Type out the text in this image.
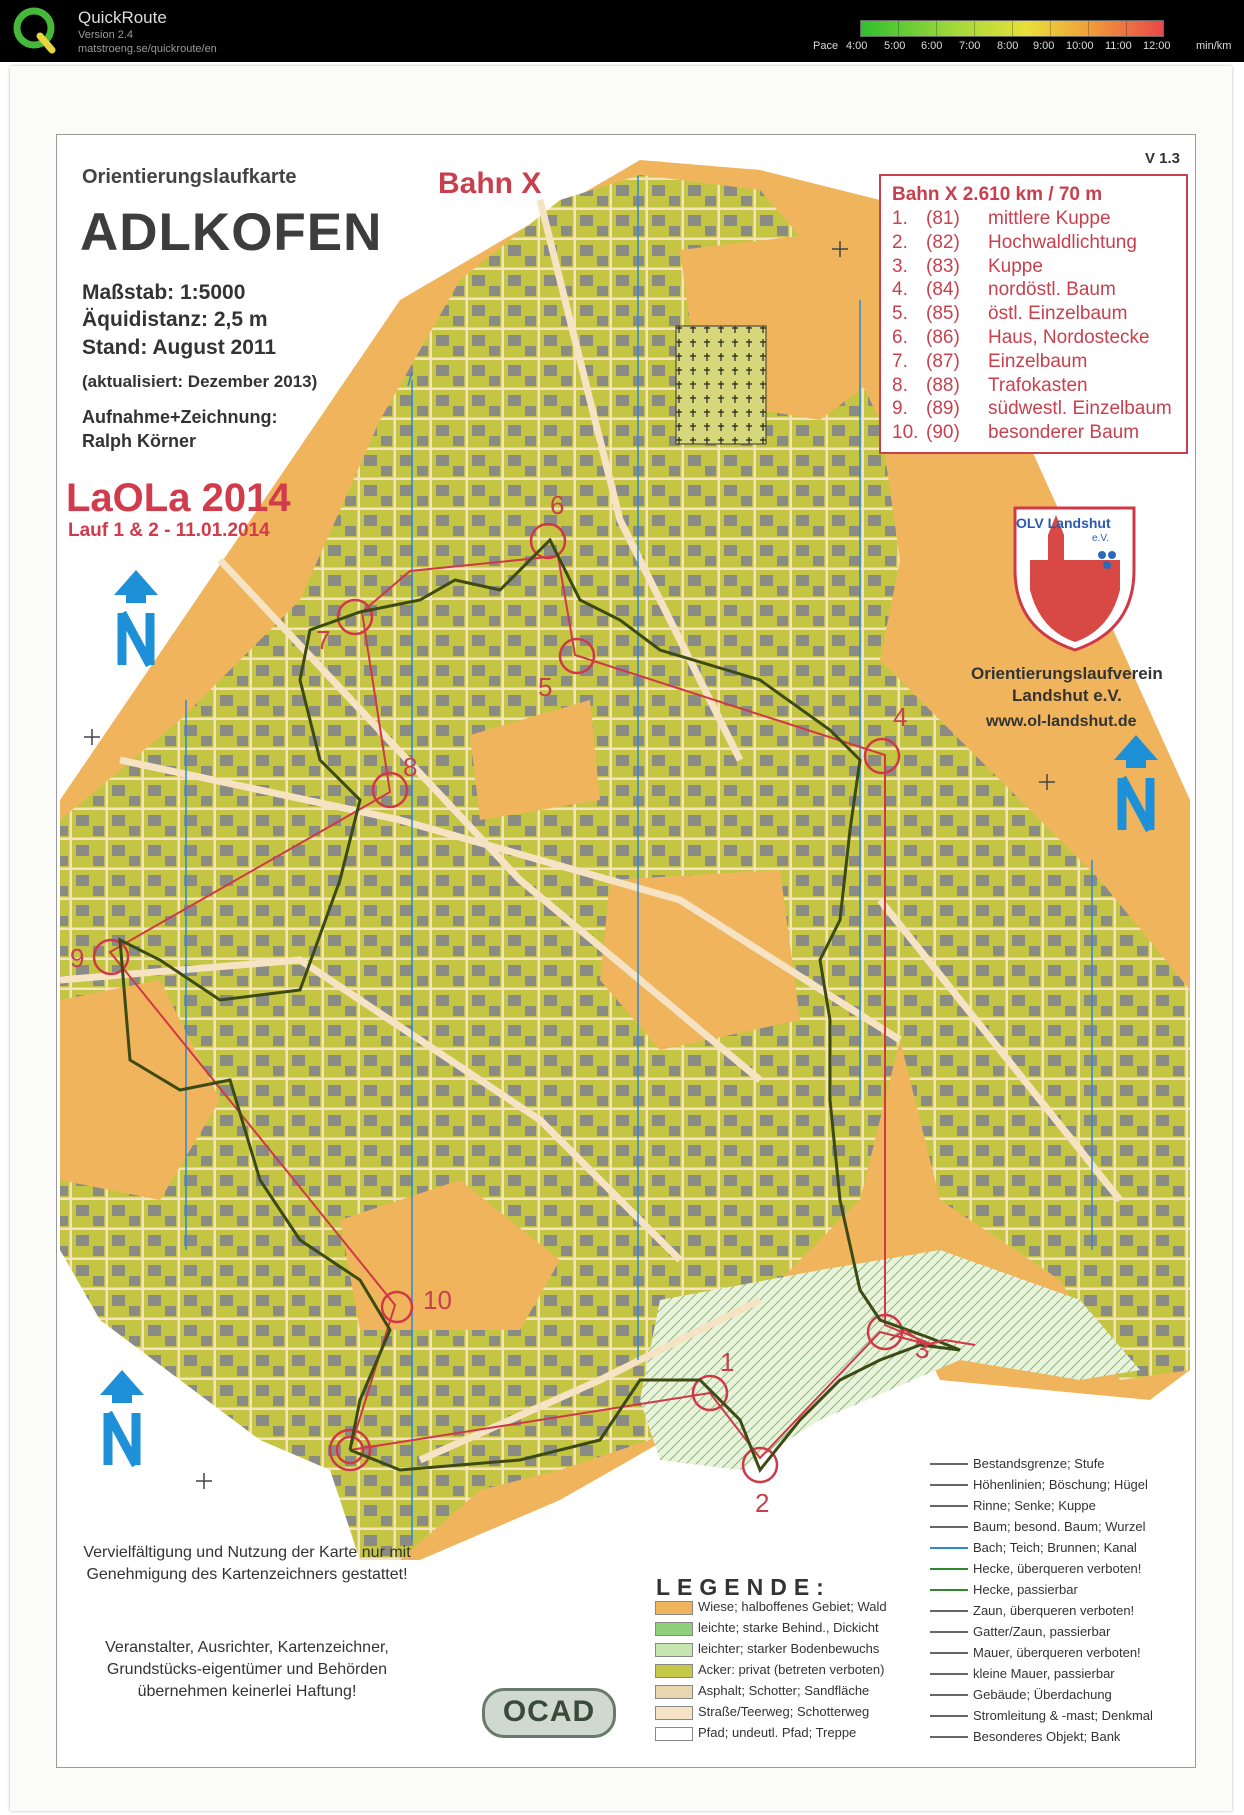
QuickRoute
Version 2.4
matstroeng.se/quickroute/en	Pace 4:00 5:00 6:00 7:00 8:00 9:00 10:00 11:00 12:00 min/km
Orientierungslaufkarte
ADLKOFEN
Maßstab: 1:5000
Äquidistanz: 2,5 m
Stand: August 2011
(aktualisiert: Dezember 2013)
Aufnahme+Zeichnung:
Ralph Körner
LaOLa 2014
Lauf 1 & 2 - 11.01.2014
Bahn X
V 1.3
Bahn X 2.610 km / 70 m
1. (81) mittlere Kuppe
2. (82) Hochwaldlichtung
3. (83) Kuppe
4. (84) nordöstl. Baum
5. (85) östl. Einzelbaum
6. (86) Haus, Nordostecke
7. (87) Einzelbaum
8. (88) Trafokasten
9. (89) südwestl. Einzelbaum
10. (90) besonderer Baum
1
2
3
4
5
6
7
8
9
10
OLV Landshut
e.V.
Orientierungslaufverein
Landshut e.V.
www.ol-landshut.de
Vervielfältigung und Nutzung der Karte nur mit Genehmigung des Kartenzeichners gestattet!
Veranstalter, Ausrichter, Kartenzeichner, Grundstücks-eigentümer und Behörden übernehmen keinerlei Haftung!
OCAD
LEGENDE:
Wiese; halboffenes Gebiet; Wald
leichte; starke Behind., Dickicht
leichter; starker Bodenbewuchs
Acker: privat (betreten verboten)
Asphalt; Schotter; Sandfläche
Straße/Teerweg; Schotterweg
Pfad; undeutl. Pfad; Treppe
Bestandsgrenze; Stufe
Höhenlinien; Böschung; Hügel
Rinne; Senke; Kuppe
Baum; besond. Baum; Wurzel
Bach; Teich; Brunnen; Kanal
Hecke, überqueren verboten!
Hecke, passierbar
Zaun, überqueren verboten!
Gatter/Zaun, passierbar
Mauer, überqueren verboten!
kleine Mauer, passierbar
Gebäude; Überdachung
Stromleitung & -mast; Denkmal
Besonderes Objekt; Bank
